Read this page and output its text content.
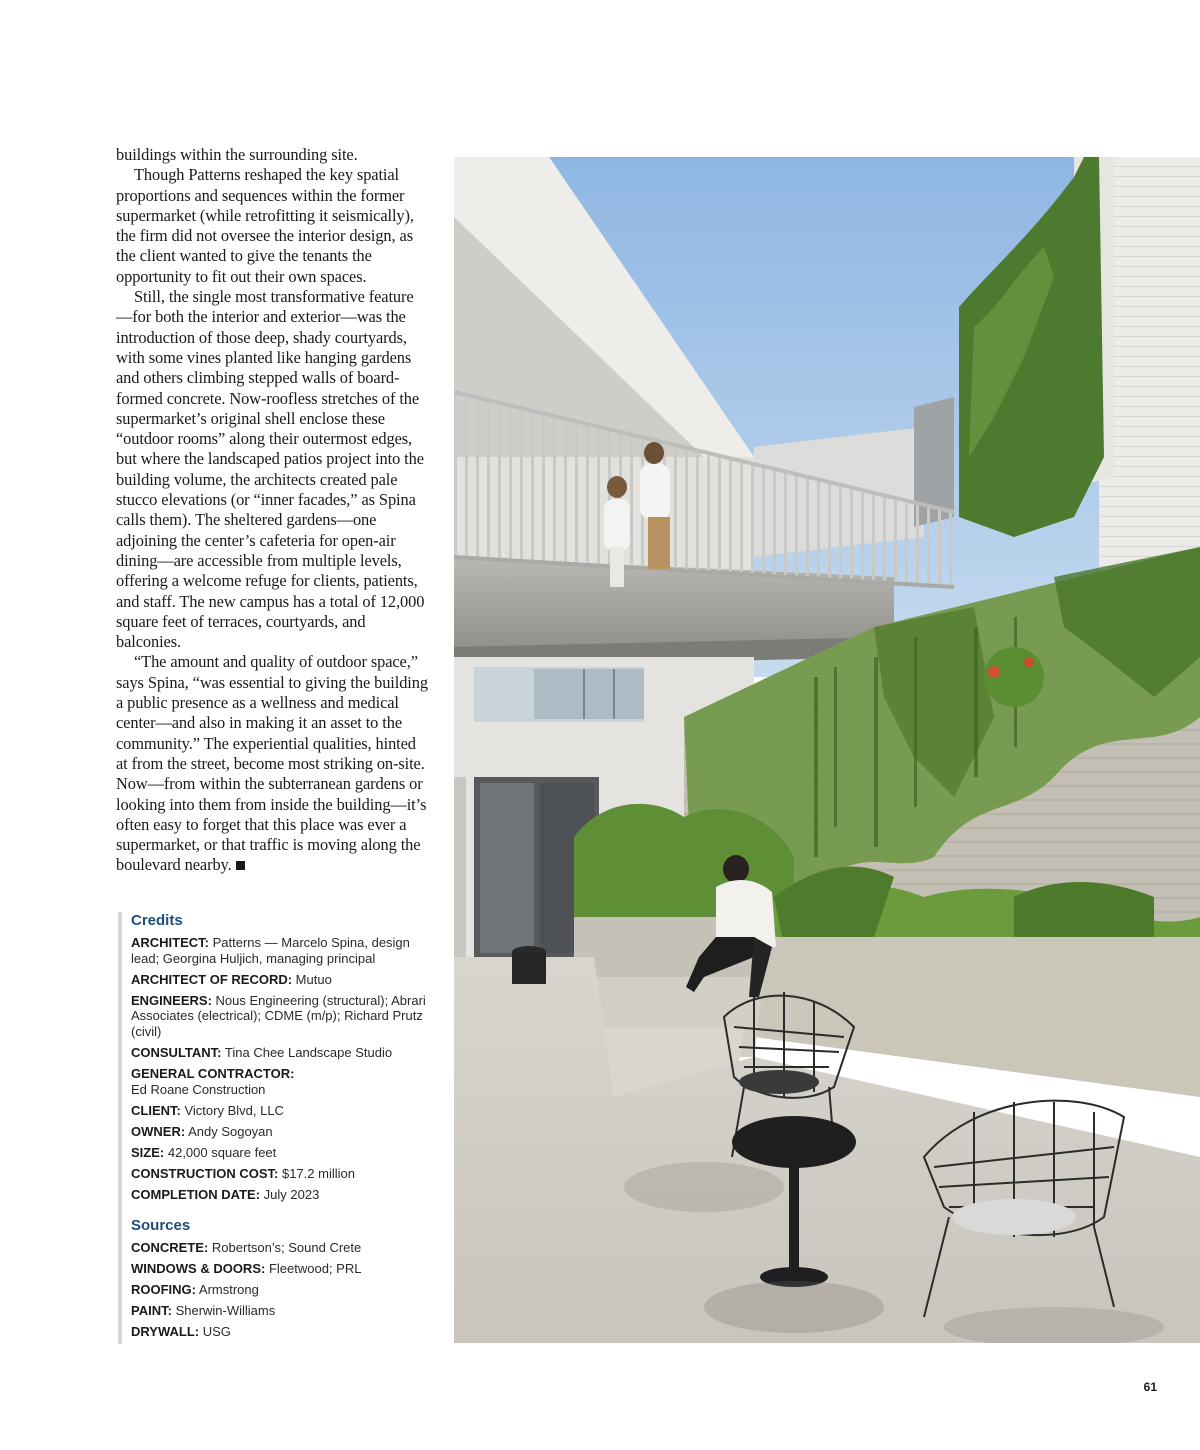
buildings within the surrounding site.

Though Patterns reshaped the key spatial proportions and sequences within the former supermarket (while retrofitting it seismically), the firm did not oversee the interior design, as the client wanted to give the tenants the opportunity to fit out their own spaces.

Still, the single most transformative feature—for both the interior and exterior—was the introduction of those deep, shady courtyards, with some vines planted like hanging gardens and others climbing stepped walls of board-formed concrete. Now-roofless stretches of the supermarket’s original shell enclose these “outdoor rooms” along their outermost edges, but where the landscaped patios project into the building volume, the architects created pale stucco elevations (or “inner facades,” as Spina calls them). The sheltered gardens—one adjoining the center’s cafeteria for open-air dining—are accessible from multiple levels, offering a welcome refuge for clients, patients, and staff. The new campus has a total of 12,000 square feet of terraces, courtyards, and balconies.

“The amount and quality of outdoor space,” says Spina, “was essential to giving the building a public presence as a wellness and medical center—and also in making it an asset to the community.” The experiential qualities, hinted at from the street, become most striking on-site. Now—from within the subterranean gardens or looking into them from inside the building—it’s often easy to forget that this place was ever a supermarket, or that traffic is moving along the boulevard nearby.

Credits
ARCHITECT: Patterns — Marcelo Spina, design lead; Georgina Huljich, managing principal
ARCHITECT OF RECORD: Mutuo
ENGINEERS: Nous Engineering (structural); Abrari Associates (electrical); CDME (m/p); Richard Prutz (civil)
CONSULTANT: Tina Chee Landscape Studio
GENERAL CONTRACTOR:
Ed Roane Construction
CLIENT: Victory Blvd, LLC
OWNER: Andy Sogoyan
SIZE: 42,000 square feet
CONSTRUCTION COST: $17.2 million
COMPLETION DATE: July 2023
Sources
CONCRETE: Robertson’s; Sound Crete
WINDOWS & DOORS: Fleetwood; PRL
ROOFING: Armstrong
PAINT: Sherwin-Williams
DRYWALL: USG
61
